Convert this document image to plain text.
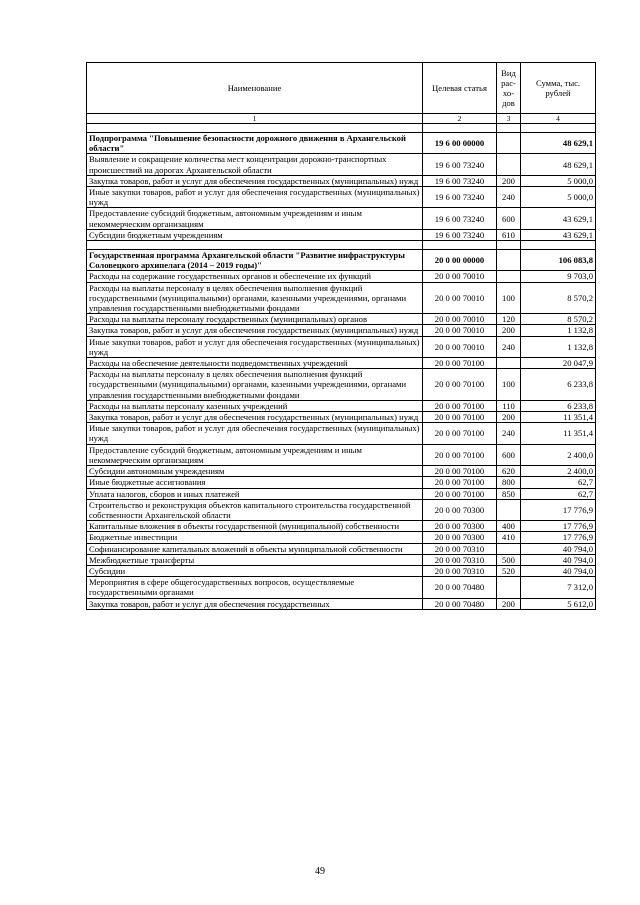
Наименование	Целевая статья	Вид рас-хо-дов	Сумма, тыс. рублей
1	2	3	4

Подпрограмма "Повышение безопасности дорожного движения в Архангельской области"	19 6 00 00000		48 629,1
Выявление и сокращение количества мест концентрации дорожно-транспортных происшествий на дорогах Архангельской области	19 6 00 73240		48 629,1
Закупка товаров, работ и услуг для обеспечения государственных (муниципальных) нужд	19 6 00 73240	200	5 000,0
Иные закупки товаров, работ и услуг для обеспечения государственных (муниципальных) нужд	19 6 00 73240	240	5 000,0
Предоставление субсидий бюджетным, автономным учреждениям и иным некоммерческим организациям	19 6 00 73240	600	43 629,1
Субсидии бюджетным учреждениям	19 6 00 73240	610	43 629,1

Государственная программа Архангельской области "Развитие инфраструктуры Соловецкого архипелага (2014 – 2019 годы)"	20 0 00 00000		106 083,8
Расходы на содержание государственных органов и обеспечение их функций	20 0 00 70010		9 703,0
Расходы на выплаты персоналу в целях обеспечения выполнения функций государственными (муниципальными) органами, казенными учреждениями, органами управления государственными внебюджетными фондами	20 0 00 70010	100	8 570,2
Расходы на выплаты персоналу государственных (муниципальных) органов	20 0 00 70010	120	8 570,2
Закупка товаров, работ и услуг для обеспечения государственных (муниципальных) нужд	20 0 00 70010	200	1 132,8
Иные закупки товаров, работ и услуг для обеспечения государственных (муниципальных) нужд	20 0 00 70010	240	1 132,8
Расходы на обеспечение деятельности подведомственных учреждений	20 0 00 70100		20 047,9
Расходы на выплаты персоналу в целях обеспечения выполнения функций государственными (муниципальными) органами, казенными учреждениями, органами управления государственными внебюджетными фондами	20 0 00 70100	100	6 233,8
Расходы на выплаты персоналу казенных учреждений	20 0 00 70100	110	6 233,8
Закупка товаров, работ и услуг для обеспечения государственных (муниципальных) нужд	20 0 00 70100	200	11 351,4
Иные закупки товаров, работ и услуг для обеспечения государственных (муниципальных) нужд	20 0 00 70100	240	11 351,4
Предоставление субсидий бюджетным, автономным учреждениям и иным некоммерческим организациям	20 0 00 70100	600	2 400,0
Субсидии автономным учреждениям	20 0 00 70100	620	2 400,0
Иные бюджетные ассигнования	20 0 00 70100	800	62,7
Уплата налогов, сборов и иных платежей	20 0 00 70100	850	62,7
Строительство и реконструкция объектов капитального строительства государственной собственности Архангельской области	20 0 00 70300		17 776,9
Капитальные вложения в объекты государственной (муниципальной) собственности	20 0 00 70300	400	17 776,9
Бюджетные инвестиции	20 0 00 70300	410	17 776,9
Софинансирование капитальных вложений в объекты муниципальной собственности	20 0 00 70310		40 794,0
Межбюджетные трансферты	20 0 00 70310	500	40 794,0
Субсидии	20 0 00 70310	520	40 794,0
Мероприятия в сфере общегосударственных вопросов, осуществляемые государственными органами	20 0 00 70480		7 312,0
Закупка товаров, работ и услуг для обеспечения государственных	20 0 00 70480	200	5 612,0
49
